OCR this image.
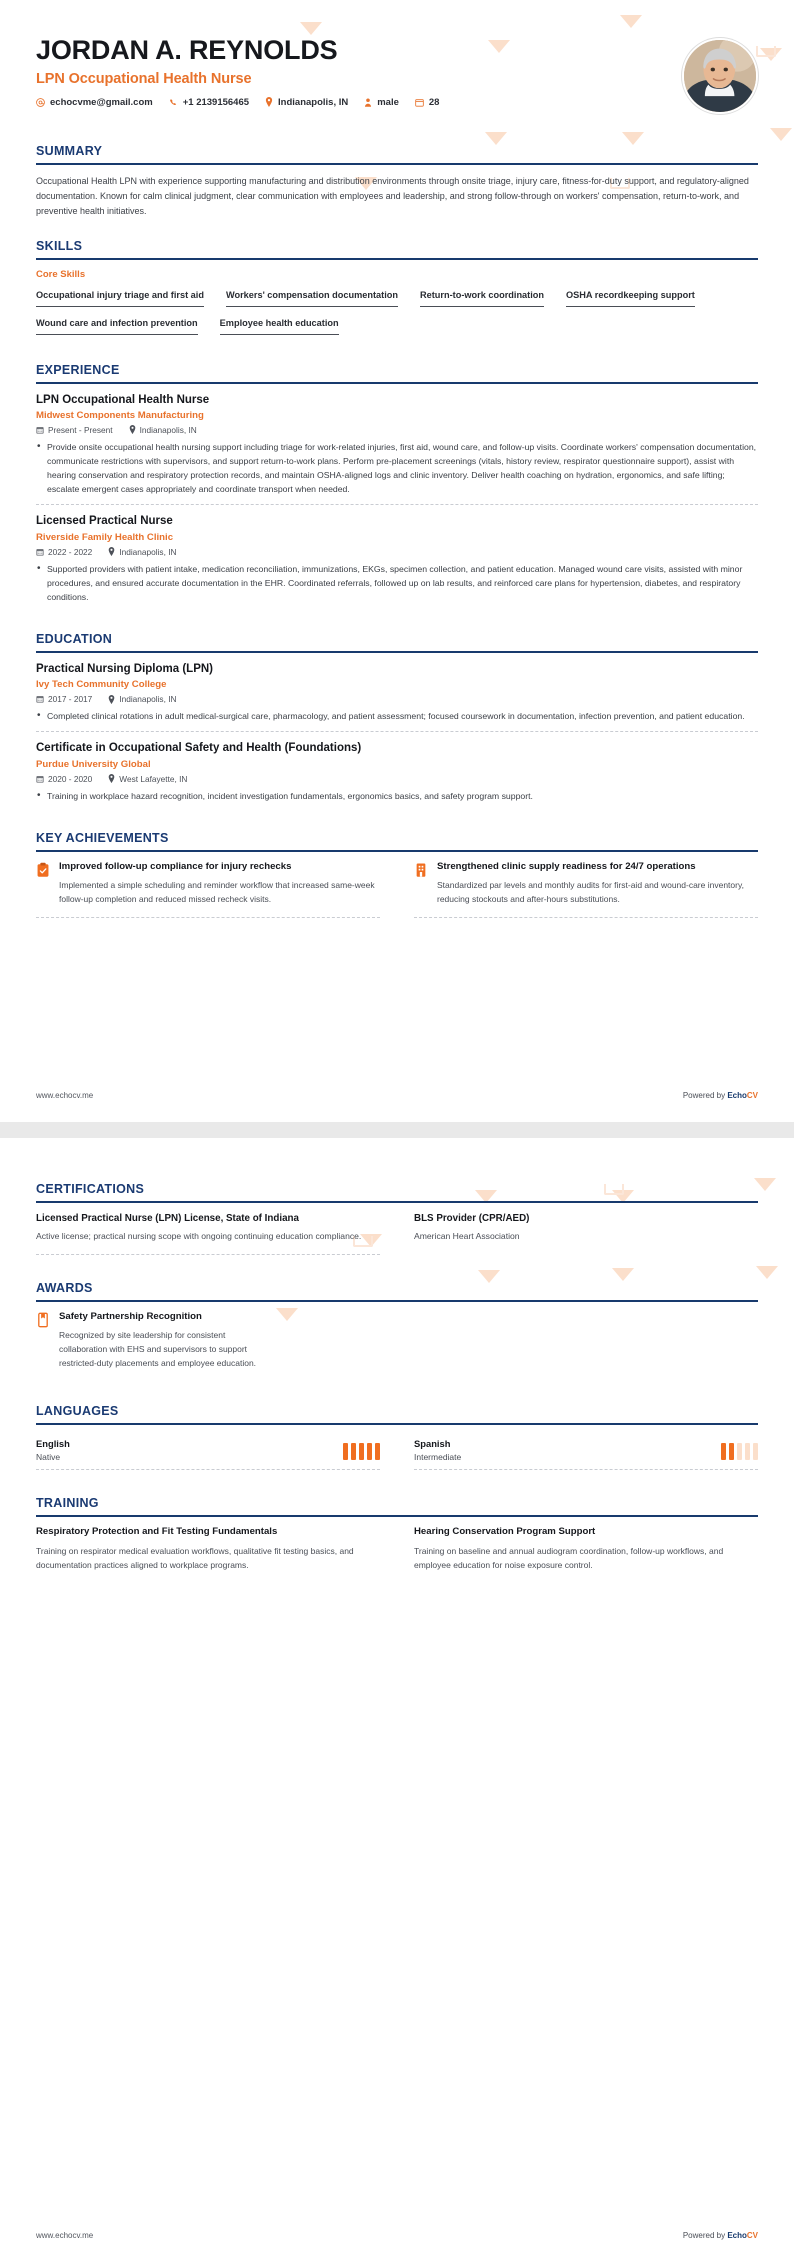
JORDAN A. REYNOLDS
LPN Occupational Health Nurse
echocvme@gmail.com	+1 2139156465	Indianapolis, IN	male	28
SUMMARY
Occupational Health LPN with experience supporting manufacturing and distribution environments through onsite triage, injury care, fitness-for-duty support, and regulatory-aligned documentation. Known for calm clinical judgment, clear communication with employees and leadership, and strong follow-through on workers' compensation, return-to-work, and preventive health initiatives.
SKILLS
Core Skills
Occupational injury triage and first aid Workers' compensation documentation Return-to-work coordination OSHA recordkeeping support
Wound care and infection prevention Employee health education
EXPERIENCE
LPN Occupational Health Nurse
Midwest Components Manufacturing
Present - Present	Indianapolis, IN
• Provide onsite occupational health nursing support including triage for work-related injuries, first aid, wound care, and follow-up visits. Coordinate workers' compensation documentation, communicate restrictions with supervisors, and support return-to-work plans. Perform pre-placement screenings (vitals, history review, respirator questionnaire support), assist with hearing conservation and respiratory protection records, and maintain OSHA-aligned logs and clinic inventory. Deliver health coaching on hydration, ergonomics, and safe lifting; escalate emergent cases appropriately and coordinate transport when needed.
Licensed Practical Nurse
Riverside Family Health Clinic
2022 - 2022	Indianapolis, IN
• Supported providers with patient intake, medication reconciliation, immunizations, EKGs, specimen collection, and patient education. Managed wound care visits, assisted with minor procedures, and ensured accurate documentation in the EHR. Coordinated referrals, followed up on lab results, and reinforced care plans for hypertension, diabetes, and respiratory conditions.
EDUCATION
Practical Nursing Diploma (LPN)
Ivy Tech Community College
2017 - 2017	Indianapolis, IN
• Completed clinical rotations in adult medical-surgical care, pharmacology, and patient assessment; focused coursework in documentation, infection prevention, and patient education.
Certificate in Occupational Safety and Health (Foundations)
Purdue University Global
2020 - 2020	West Lafayette, IN
• Training in workplace hazard recognition, incident investigation fundamentals, ergonomics basics, and safety program support.
KEY ACHIEVEMENTS
Improved follow-up compliance for injury rechecks
Implemented a simple scheduling and reminder workflow that increased same-week follow-up completion and reduced missed recheck visits.
Strengthened clinic supply readiness for 24/7 operations
Standardized par levels and monthly audits for first-aid and wound-care inventory, reducing stockouts and after-hours substitutions.
www.echocv.me	Powered by EchoCV
CERTIFICATIONS
Licensed Practical Nurse (LPN) License, State of Indiana
Active license; practical nursing scope with ongoing continuing education compliance.
BLS Provider (CPR/AED)
American Heart Association
AWARDS
Safety Partnership Recognition
Recognized by site leadership for consistent collaboration with EHS and supervisors to support restricted-duty placements and employee education.
LANGUAGES
English
Native
Spanish
Intermediate
TRAINING
Respiratory Protection and Fit Testing Fundamentals
Training on respirator medical evaluation workflows, qualitative fit testing basics, and documentation practices aligned to workplace programs.
Hearing Conservation Program Support
Training on baseline and annual audiogram coordination, follow-up workflows, and employee education for noise exposure control.
www.echocv.me	Powered by EchoCV
